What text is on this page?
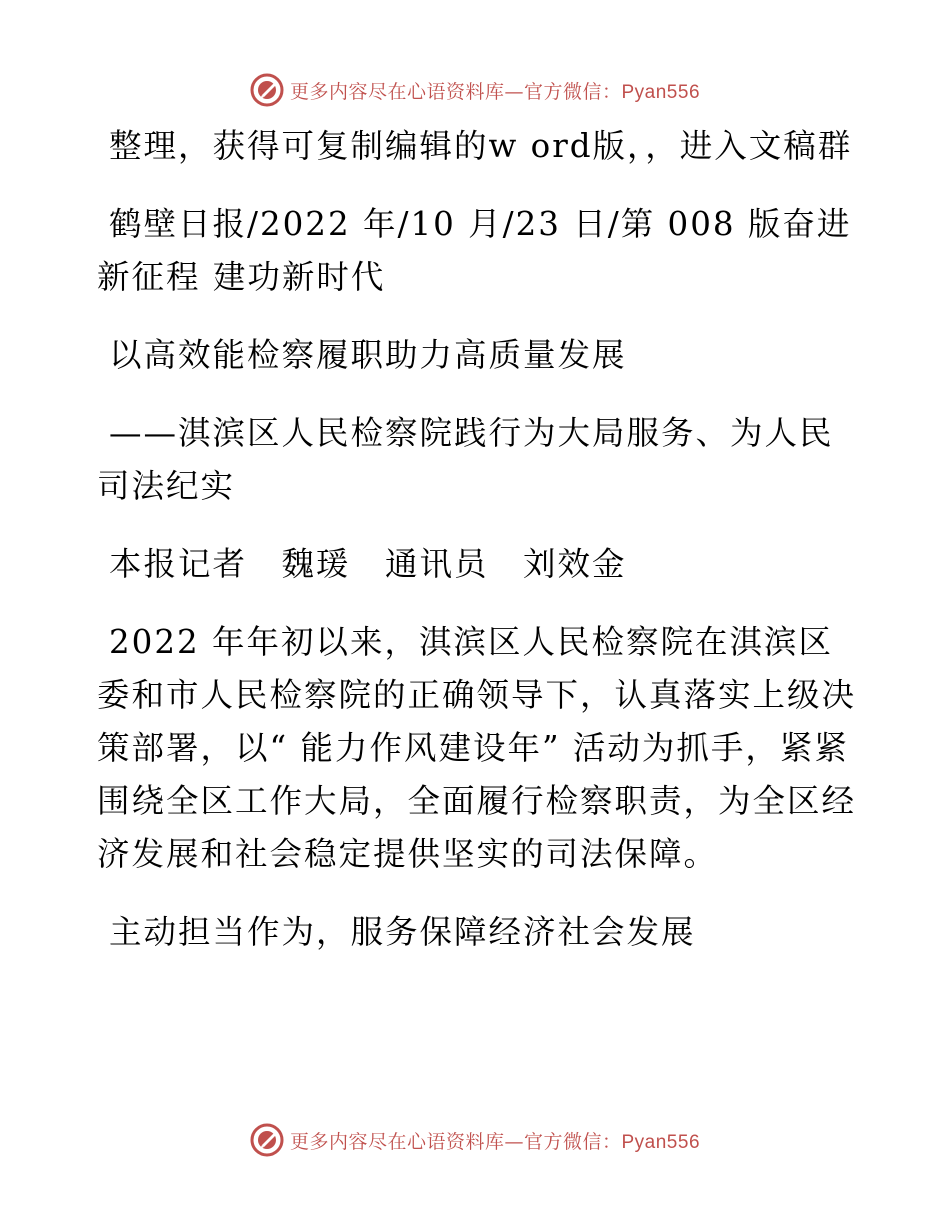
更多内容尽在心语资料库—官方微信：Pyan556

整理，获得可复制编辑的w ord版，，进入文稿群

鹤壁日报/2022 年/10 月/23 日/第 008 版奋进新征程 建功新时代

以高效能检察履职助力高质量发展

——淇滨区人民检察院践行为大局服务、为人民司法纪实

本报记者　魏瑗　通讯员　刘效金

2022 年年初以来，淇滨区人民检察院在淇滨区委和市人民检察院的正确领导下，认真落实上级决策部署，以“ 能力作风建设年” 活动为抓手，紧紧围绕全区工作大局，全面履行检察职责，为全区经济发展和社会稳定提供坚实的司法保障。

主动担当作为，服务保障经济社会发展

更多内容尽在心语资料库—官方微信：Pyan556
